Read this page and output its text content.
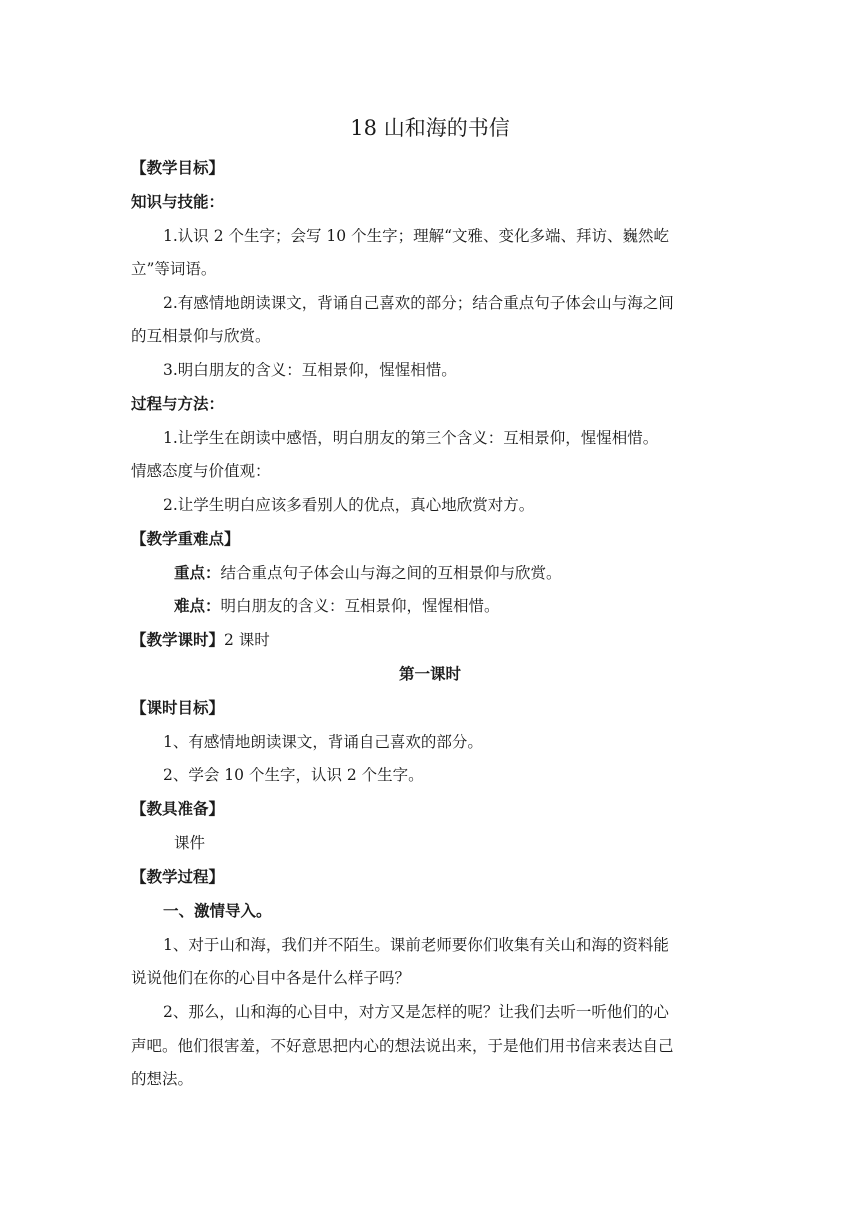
18 山和海的书信
【教学目标】
知识与技能：
1.认识 2 个生字；会写 10 个生字；理解“文雅、变化多端、拜访、巍然屹
立”等词语。
2.有感情地朗读课文，背诵自己喜欢的部分；结合重点句子体会山与海之间
的互相景仰与欣赏。
3.明白朋友的含义：互相景仰，惺惺相惜。
过程与方法：
1.让学生在朗读中感悟，明白朋友的第三个含义：互相景仰，惺惺相惜。
情感态度与价值观：
2.让学生明白应该多看别人的优点，真心地欣赏对方。
【教学重难点】
重点：结合重点句子体会山与海之间的互相景仰与欣赏。
难点：明白朋友的含义：互相景仰，惺惺相惜。
【教学课时】2 课时
第一课时
【课时目标】
1、有感情地朗读课文，背诵自己喜欢的部分。
2、学会 10 个生字，认识 2 个生字。
【教具准备】
课件
【教学过程】
一、激情导入。
1、对于山和海，我们并不陌生。课前老师要你们收集有关山和海的资料能
说说他们在你的心目中各是什么样子吗？
2、那么，山和海的心目中，对方又是怎样的呢？让我们去听一听他们的心
声吧。他们很害羞，不好意思把内心的想法说出来，于是他们用书信来表达自己
的想法。
